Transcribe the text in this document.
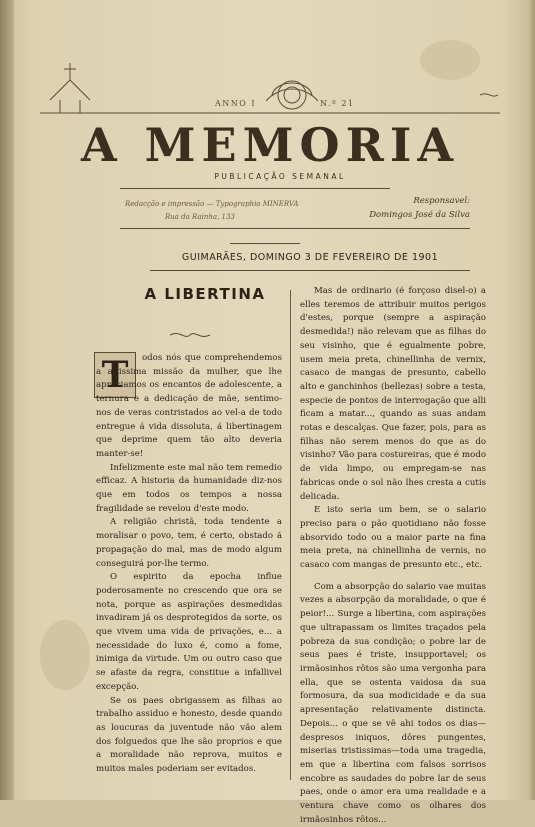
ANNO I	N.º 21
A MEMORIA
PUBLICAÇÃO SEMANAL
Redacção e impressão — Typographia MINERVA
Rua da Rainha, 133
Responsavel:
Domingos José da Silva
GUIMARÃES, DOMINGO 3 DE FEVEREIRO DE 1901
A LIBERTINA
T	odos nós que comprehendemos a altissima missão da mulher, que lhe apreciamos os encantos de adolescente, a ternura e a dedicação de mãe, sentimo-nos de veras contristados ao vel-a de todo entregue á vida dissoluta, á libertinagem que deprime quem tão alto deveria manter-se!

Infelizmente este mal não tem remedio efficaz. A historia da humanidade diz-nos que em todos os tempos a nossa fragilidade se revelou d'este modo.

A religião christã, toda tendente a moralisar o povo, tem, é certo, obstado á propagação do mal, mas de modo algum conseguirá por-lhe termo.

O espirito da epocha influe poderosamente no crescendo que ora se nota, porque as aspirações desmedidas invadiram já os desprotegidos da sorte, os que vivem uma vida de privações, e... a necessidade do luxo é, como a fome, inimiga da virtude. Um ou outro caso que se afaste da regra, constitue a infallivel excepção.

Se os paes obrigassem as filhas ao trabalho assiduo e honesto, desde quando as loucuras da juventude não vão alem dos folguedos que lhe são proprios e que a moralidade não reprova, muitos e muitos males poderiam ser evitados.

Mas de ordinario (é forçoso disel-o) a elles teremos de attribuir muitos perigos d'estes, porque (sempre a aspiração desmedida!) não relevam que as filhas do seu visinho, que é egualmente pobre, usem meia preta, chinellinha de vernix, casaco de mangas de presunto, cabello alto e ganchinhos (bellezas) sobre a testa, especie de pontos de interrogação que alli ficam a matar..., quando as suas andam rotas e descalças. Que fazer, pois, para as filhas não serem menos do que as do visinho? Vão para costureiras, que é modo de vida limpo, ou empregam-se nas fabricas onde o sol não lhes cresta a cutis delicada.

E isto seria um bem, se o salario preciso para o pão quotidiano não fosse absorvido todo ou a maior parte na fina meia preta, na chinellinha de vernis, no casaco com mangas de presunto etc., etc.

Com a absorpção do salario vae muitas vezes a absorpção da moralidade, o que é peior!... Surge a libertina, com aspirações que ultrapassam os limites traçados pela pobreza da sua condição; o pobre lar de seus paes é triste, insupportavel; os irmãosinhos rôtos são uma vergonha para ella, que se ostenta vaidosa da sua formosura, da sua modicidade e da sua apresentação relativamente distincta. Depois... o que se vê ahi todos os dias—despresos iniquos, dôres pungentes, miserias tristissimas—toda uma tragedia, em que a libertina com falsos sorrisos encobre as saudades do pobre lar de seus paes, onde o amor era uma realidade e a ventura chave como os olhares dos irmãosinhos rôtos...
